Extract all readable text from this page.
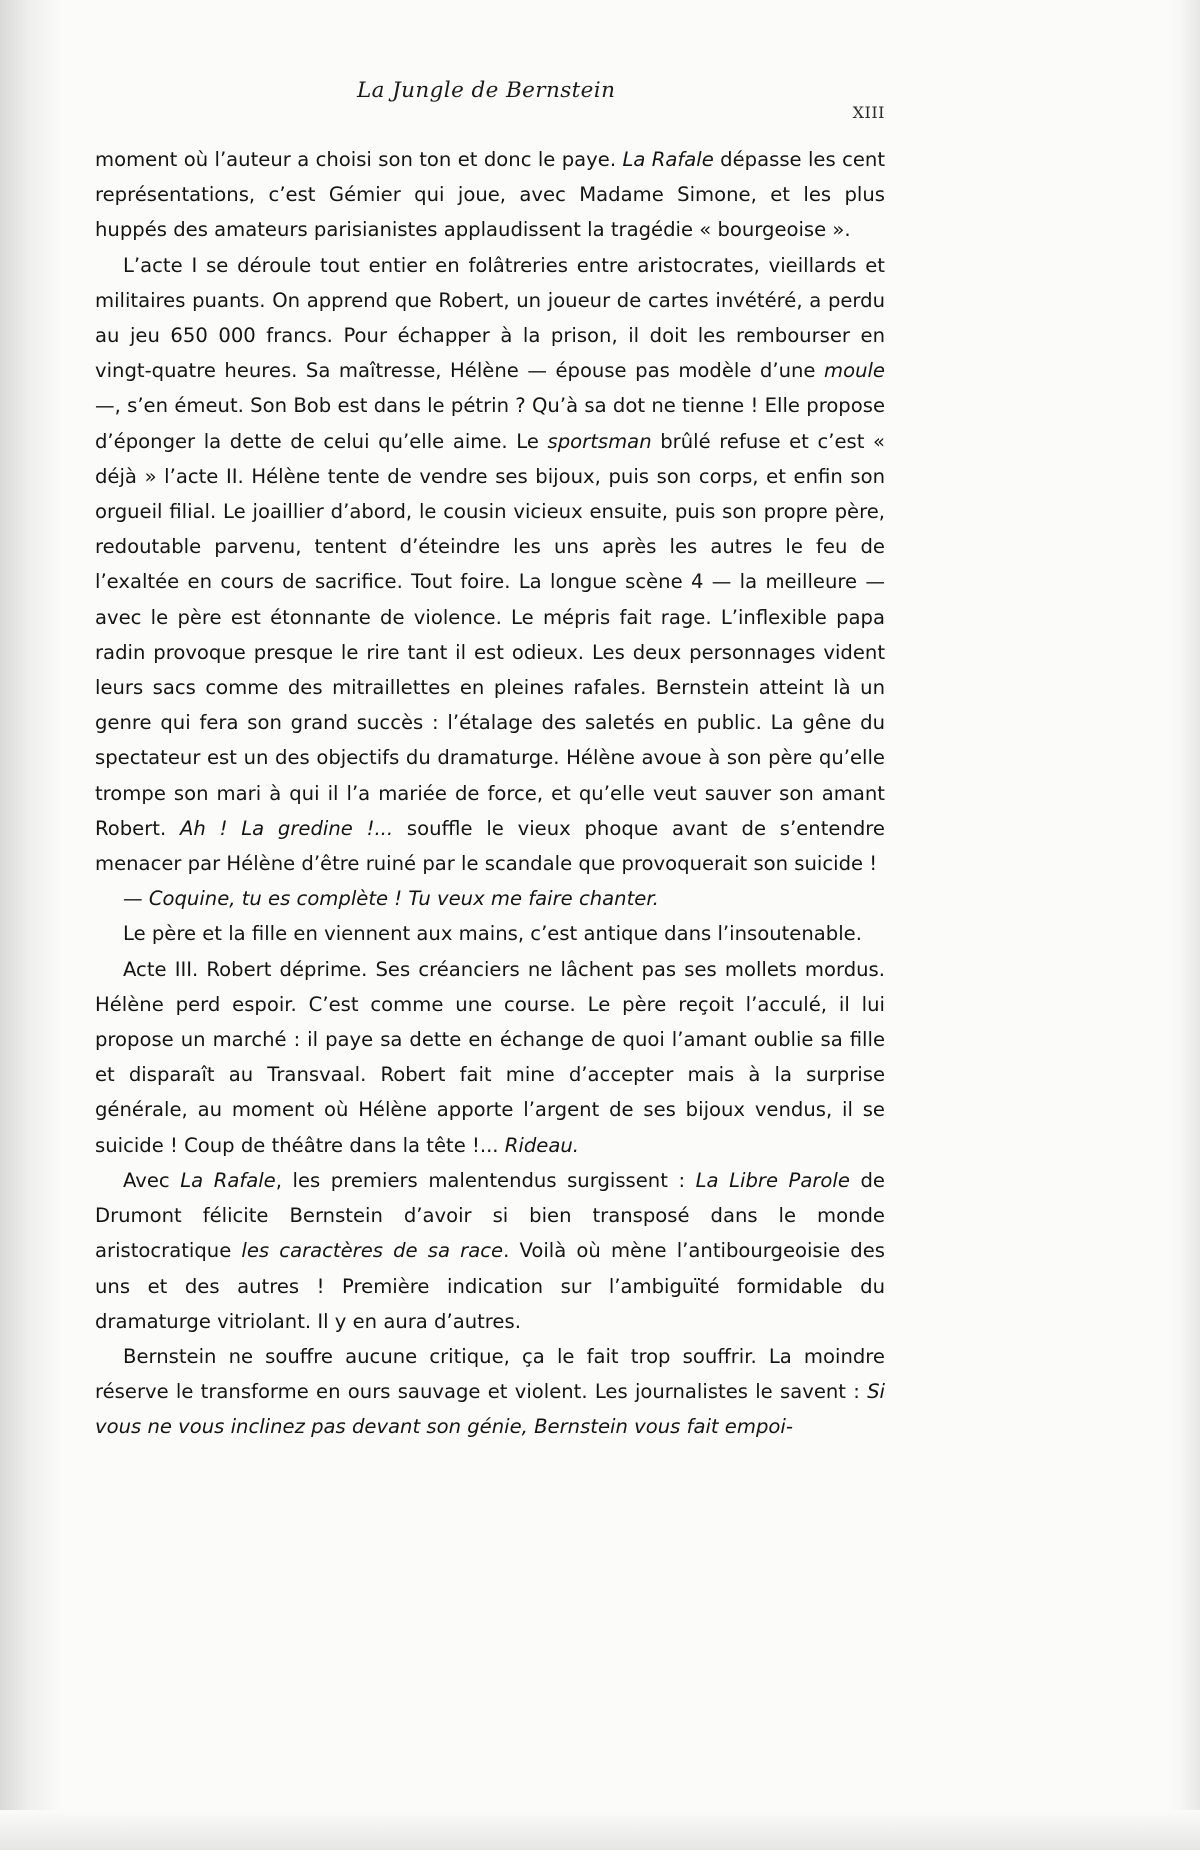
La Jungle de Bernstein
XIII

moment où l’auteur a choisi son ton et donc le paye. La Rafale dépasse les cent représentations, c’est Gémier qui joue, avec Madame Simone, et les plus huppés des amateurs parisianistes applaudissent la tragédie « bourgeoise ».

L’acte I se déroule tout entier en folâtreries entre aristocrates, vieillards et militaires puants. On apprend que Robert, un joueur de cartes invétéré, a perdu au jeu 650 000 francs. Pour échapper à la prison, il doit les rembourser en vingt-quatre heures. Sa maîtresse, Hélène — épouse pas modèle d’une moule —, s’en émeut. Son Bob est dans le pétrin ? Qu’à sa dot ne tienne ! Elle propose d’éponger la dette de celui qu’elle aime. Le sportsman brûlé refuse et c’est « déjà » l’acte II. Hélène tente de vendre ses bijoux, puis son corps, et enfin son orgueil filial. Le joaillier d’abord, le cousin vicieux ensuite, puis son propre père, redoutable parvenu, tentent d’éteindre les uns après les autres le feu de l’exaltée en cours de sacrifice. Tout foire. La longue scène 4 — la meilleure — avec le père est étonnante de violence. Le mépris fait rage. L’inflexible papa radin provoque presque le rire tant il est odieux. Les deux personnages vident leurs sacs comme des mitraillettes en pleines rafales. Bernstein atteint là un genre qui fera son grand succès : l’étalage des saletés en public. La gêne du spectateur est un des objectifs du dramaturge. Hélène avoue à son père qu’elle trompe son mari à qui il l’a mariée de force, et qu’elle veut sauver son amant Robert. Ah ! La gredine !... souffle le vieux phoque avant de s’entendre menacer par Hélène d’être ruiné par le scandale que provoquerait son suicide !

— Coquine, tu es complète ! Tu veux me faire chanter.

Le père et la fille en viennent aux mains, c’est antique dans l’insoutenable.

Acte III. Robert déprime. Ses créanciers ne lâchent pas ses mollets mordus. Hélène perd espoir. C’est comme une course. Le père reçoit l’acculé, il lui propose un marché : il paye sa dette en échange de quoi l’amant oublie sa fille et disparaît au Transvaal. Robert fait mine d’accepter mais à la surprise générale, au moment où Hélène apporte l’argent de ses bijoux vendus, il se suicide ! Coup de théâtre dans la tête !... Rideau.

Avec La Rafale, les premiers malentendus surgissent : La Libre Parole de Drumont félicite Bernstein d’avoir si bien transposé dans le monde aristocratique les caractères de sa race. Voilà où mène l’antibourgeoisie des uns et des autres ! Première indication sur l’ambiguïté formidable du dramaturge vitriolant. Il y en aura d’autres.

Bernstein ne souffre aucune critique, ça le fait trop souffrir. La moindre réserve le transforme en ours sauvage et violent. Les journalistes le savent : Si vous ne vous inclinez pas devant son génie, Bernstein vous fait empoi-
